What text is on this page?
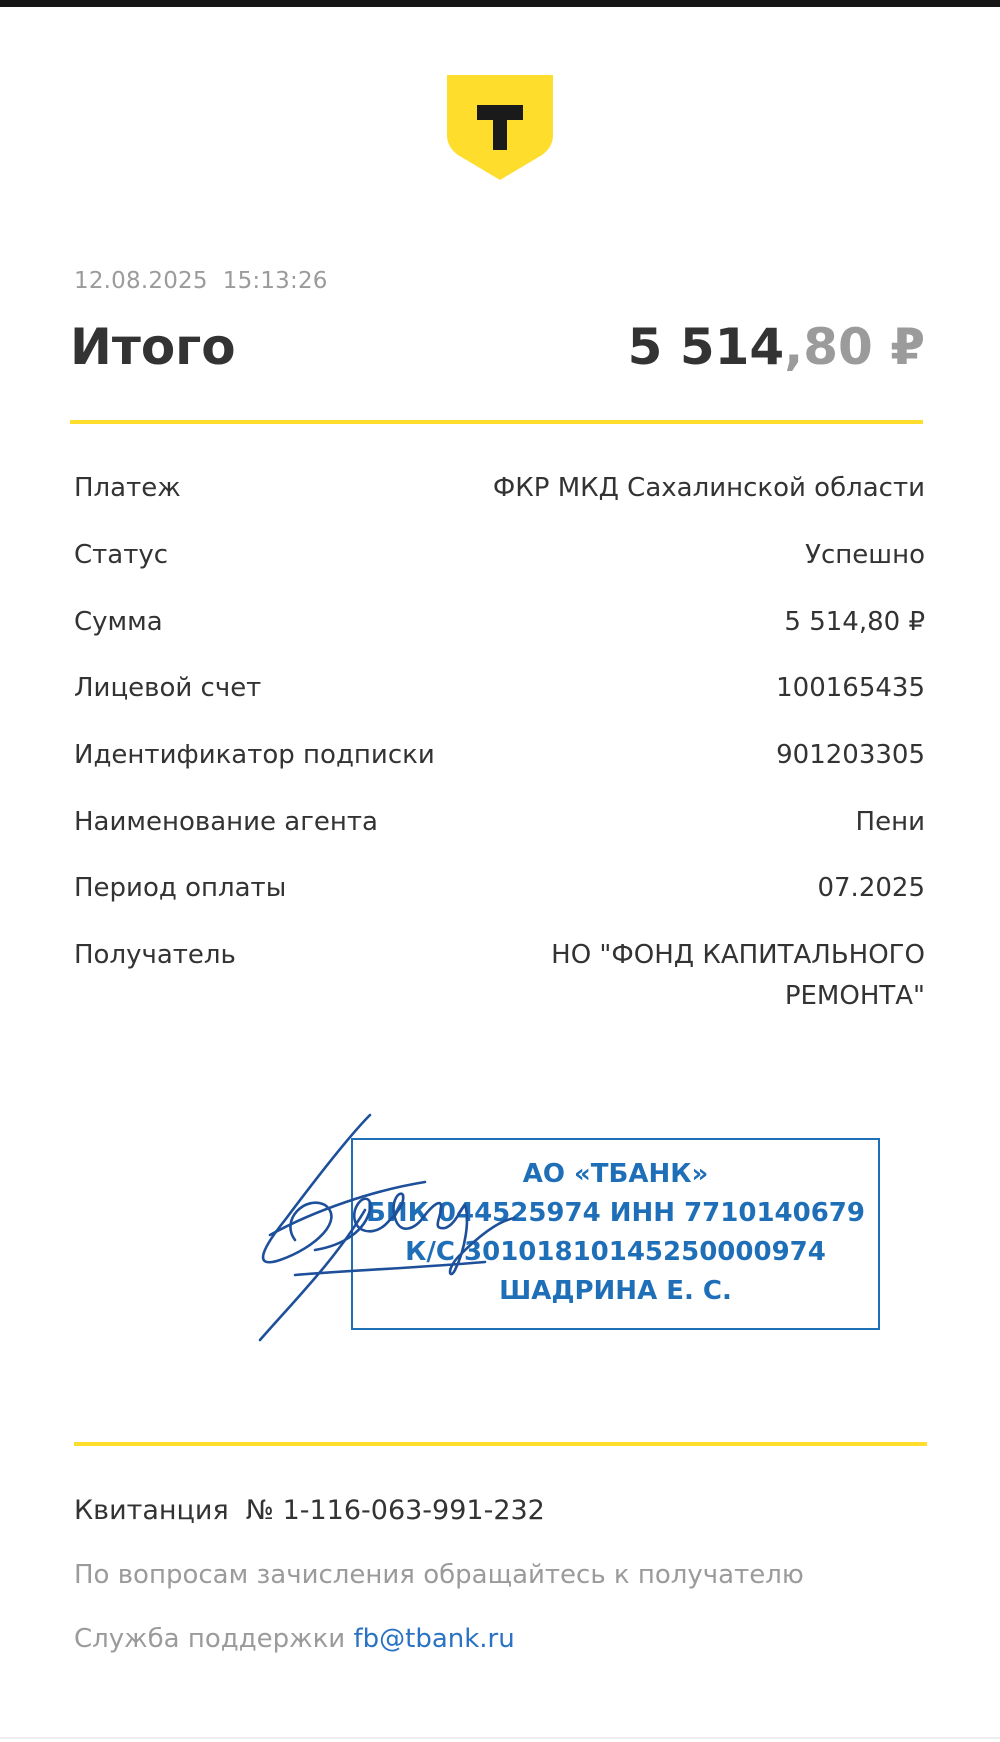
12.08.2025 15:13:26
Итого	5 514,80 ₽
Платеж	ФКР МКД Сахалинской области
Статус	Успешно
Сумма	5 514,80 ₽
Лицевой счет	100165435
Идентификатор подписки	901203305
Наименование агента	Пени
Период оплаты	07.2025
Получатель	НО "ФОНД КАПИТАЛЬНОГО
РЕМОНТА"
АО «ТБАНК»
БИК 044525974 ИНН 7710140679
К/С 30101810145250000974
ШАДРИНА Е. С.
Квитанция № 1-116-063-991-232
По вопросам зачисления обращайтесь к получателю
Служба поддержки fb@tbank.ru
